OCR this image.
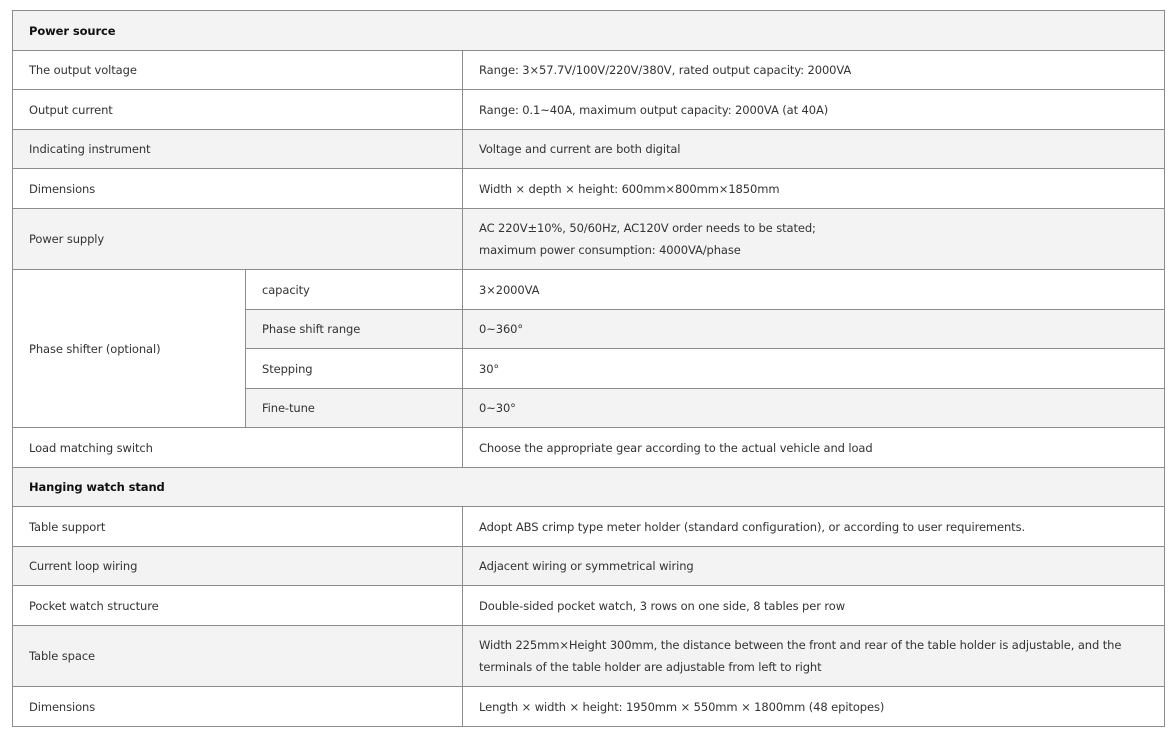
Power source		
The output voltage		Range: 3×57.7V/100V/220V/380V, rated output capacity: 2000VA
Output current		Range: 0.1~40A, maximum output capacity: 2000VA (at 40A)
Indicating instrument		Voltage and current are both digital
Dimensions		Width × depth × height: 600mm×800mm×1850mm
Power supply		AC 220V±10%, 50/60Hz, AC120V order needs to be stated;
maximum power consumption: 4000VA/phase

Phase shifter (optional)	capacity	3×2000VA
	Phase shift range	0~360°
	Stepping	30°
	Fine-tune	0~30°
Load matching switch		Choose the appropriate gear according to the actual vehicle and load
Hanging watch stand		
Table support		Adopt ABS crimp type meter holder (standard configuration), or according to user requirements.
Current loop wiring		Adjacent wiring or symmetrical wiring
Pocket watch structure		Double-sided pocket watch, 3 rows on one side, 8 tables per row
Table space		Width 225mm×Height 300mm, the distance between the front and rear of the table holder is adjustable, and the
terminals of the table holder are adjustable from left to right

Dimensions		Length × width × height: 1950mm × 550mm × 1800mm (48 epitopes)
